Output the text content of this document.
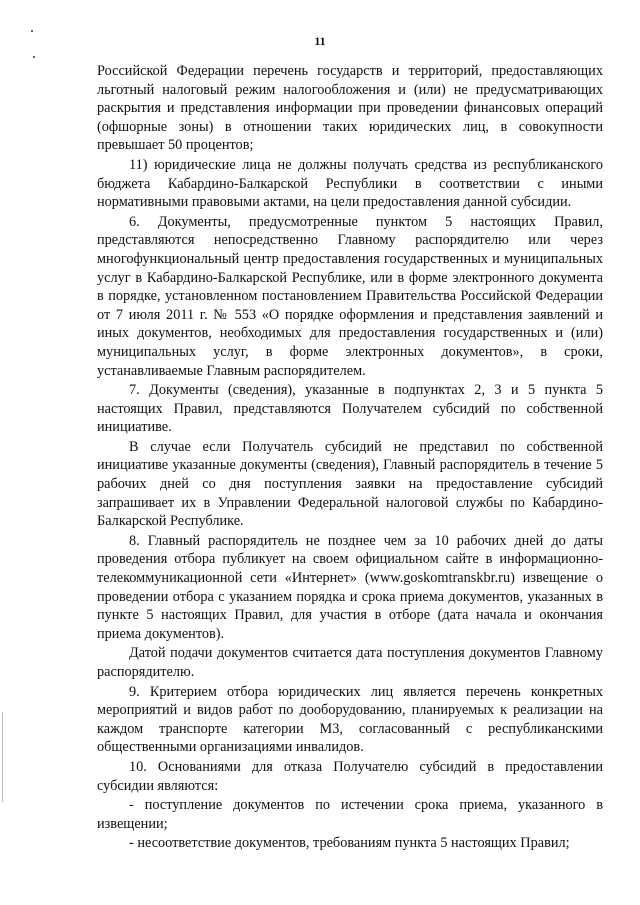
11

Российской Федерации перечень государств и территорий, предоставляющих льготный налоговый режим налогообложения и (или) не предусматривающих раскрытия и представления информации при проведении финансовых операций (офшорные зоны) в отношении таких юридических лиц, в совокупности превышает 50 процентов;

11) юридические лица не должны получать средства из республиканского бюджета Кабардино-Балкарской Республики в соответствии с иными нормативными правовыми актами, на цели предоставления данной субсидии.

6. Документы, предусмотренные пунктом 5 настоящих Правил, представляются непосредственно Главному распорядителю или через многофункциональный центр предоставления государственных и муниципальных услуг в Кабардино-Балкарской Республике, или в форме электронного документа в порядке, установленном постановлением Правительства Российской Федерации от 7 июля 2011 г. № 553 «О порядке оформления и представления заявлений и иных документов, необходимых для предоставления государственных и (или) муниципальных услуг, в форме электронных документов», в сроки, устанавливаемые Главным распорядителем.

7. Документы (сведения), указанные в подпунктах 2, 3 и 5 пункта 5 настоящих Правил, представляются Получателем субсидий по собственной инициативе.

В случае если Получатель субсидий не представил по собственной инициативе указанные документы (сведения), Главный распорядитель в течение 5 рабочих дней со дня поступления заявки на предоставление субсидий запрашивает их в Управлении Федеральной налоговой службы по Кабардино-Балкарской Республике.

8. Главный распорядитель не позднее чем за 10 рабочих дней до даты проведения отбора публикует на своем официальном сайте в информационно-телекоммуникационной сети «Интернет» (www.goskomtranskbr.ru) извещение о проведении отбора с указанием порядка и срока приема документов, указанных в пункте 5 настоящих Правил, для участия в отборе (дата начала и окончания приема документов).

Датой подачи документов считается дата поступления документов Главному распорядителю.

9. Критерием отбора юридических лиц является перечень конкретных мероприятий и видов работ по дооборудованию, планируемых к реализации на каждом транспорте категории М3, согласованный с республиканскими общественными организациями инвалидов.

10. Основаниями для отказа Получателю субсидий в предоставлении субсидии являются:

- поступление документов по истечении срока приема, указанного в извещении;

- несоответствие документов, требованиям пункта 5 настоящих Правил;
